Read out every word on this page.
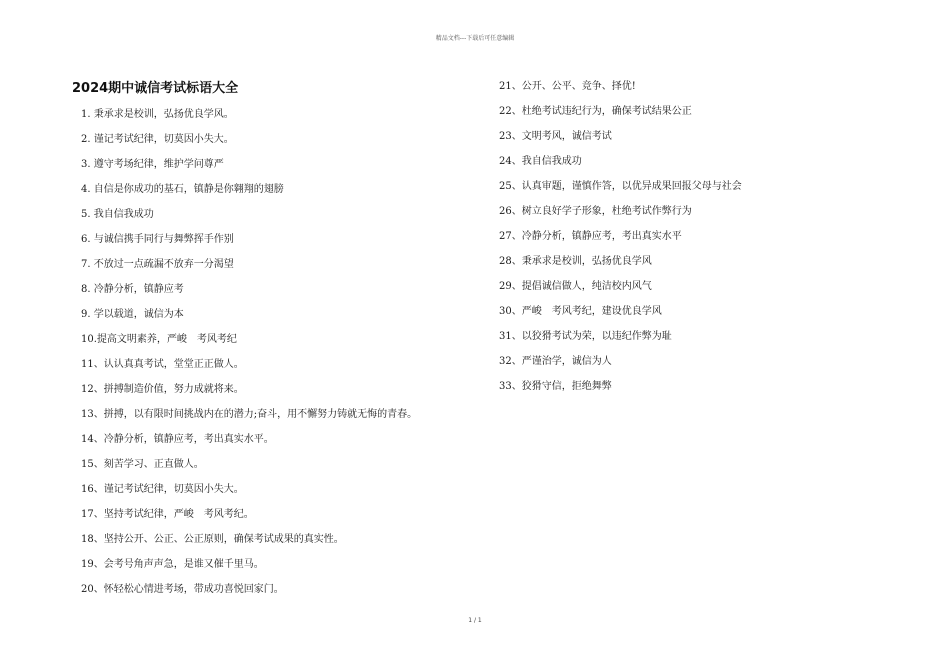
精品文档---下载后可任意编辑
2024期中诚信考试标语大全
1. 秉承求是校训，弘扬优良学风。
2. 谨记考试纪律，切莫因小失大。
3. 遵守考场纪律，维护学问尊严
4. 自信是你成功的基石，镇静是你翱翔的翅膀
5. 我自信我成功
6. 与诚信携手同行与舞弊挥手作别
7. 不放过一点疏漏不放弃一分渴望
8. 冷静分析，镇静应考
9. 学以载道，诚信为本
10.提高文明素养，严峻　考风考纪
11、认认真真考试，堂堂正正做人。
12、拼搏制造价值，努力成就将来。
13、拼搏，以有限时间挑战内在的潜力;奋斗，用不懈努力铸就无悔的青春。
14、冷静分析，镇静应考，考出真实水平。
15、刻苦学习、正直做人。
16、谨记考试纪律，切莫因小失大。
17、坚持考试纪律，严峻　考风考纪。
18、坚持公开、公正、公正原则，确保考试成果的真实性。
19、会考号角声声急，是谁又催千里马。
20、怀轻松心情进考场，带成功喜悦回家门。
21、公开、公平、竞争、择优!
22、杜绝考试违纪行为，确保考试结果公正
23、文明考风，诚信考试
24、我自信我成功
25、认真审题，谨慎作答，以优异成果回报父母与社会
26、树立良好学子形象，杜绝考试作弊行为
27、冷静分析，镇静应考，考出真实水平
28、秉承求是校训，弘扬优良学风
29、提倡诚信做人，纯洁校内风气
30、严峻　考风考纪，建设优良学风
31、以狡猾考试为荣，以违纪作弊为耻
32、严谨治学，诚信为人
33、狡猾守信，拒绝舞弊
1 / 1
